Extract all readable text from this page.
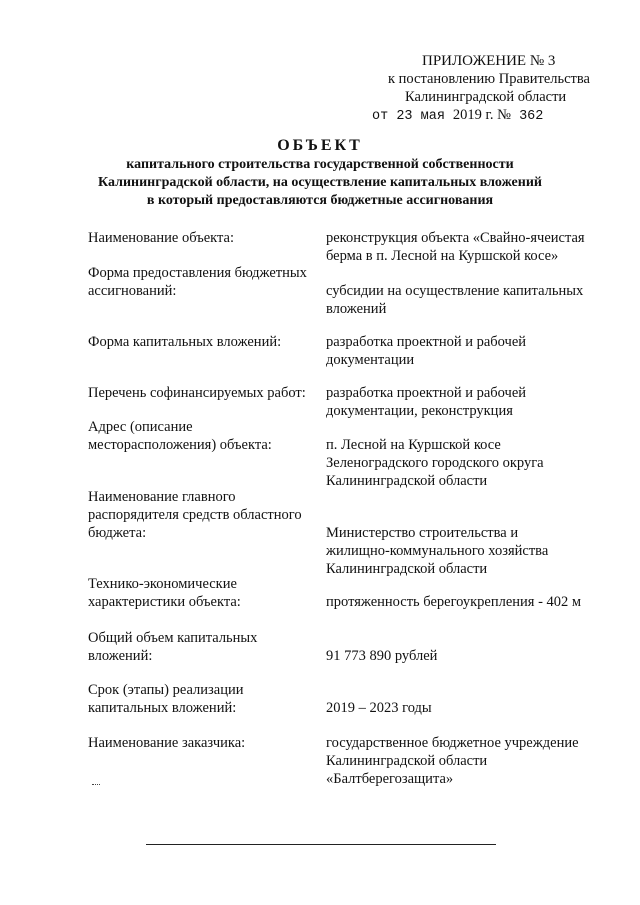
ПРИЛОЖЕНИЕ № 3
к постановлению Правительства
Калининградской области
от 23 мая 2019 г. № 362
ОБЪЕКТ
капитального строительства государственной собственности
Калининградской области, на осуществление капитальных вложений
в который предоставляются бюджетные ассигнования
Наименование объекта:	реконструкция объекта «Свайно-ячеистая берма в п. Лесной на Куршской косе»
Форма предоставления бюджетных ассигнований:	субсидии на осуществление капитальных вложений
Форма капитальных вложений:	разработка проектной и рабочей документации
Перечень софинансируемых работ:	разработка проектной и рабочей документации, реконструкция
Адрес (описание месторасположения) объекта:	п. Лесной на Куршской косе Зеленоградского городского округа Калининградской области
Наименование главного распорядителя средств областного бюджета:	Министерство строительства и жилищно-коммунального хозяйства Калининградской области
Технико-экономические характеристики объекта:	протяженность берегоукрепления - 402 м
Общий объем капитальных вложений:	91 773 890 рублей
Срок (этапы) реализации капитальных вложений:	2019 – 2023 годы
Наименование заказчика:	государственное бюджетное учреждение Калининградской области «Балтберегозащита»
